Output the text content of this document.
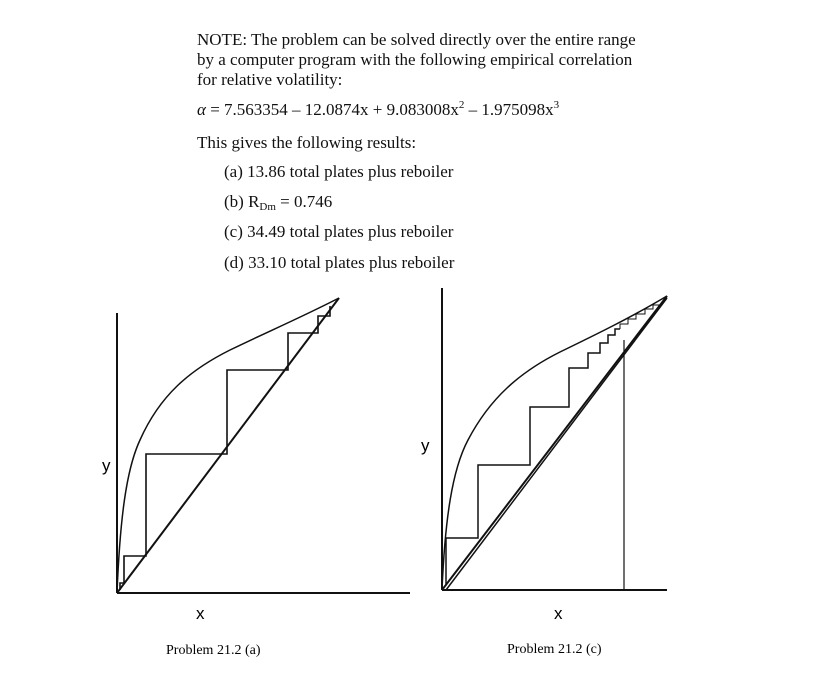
NOTE: The problem can be solved directly over the entire range
by a computer program with the following empirical correlation
for relative volatility:
$\alpha = 7.563354 - 12.0874x + 9.083008x^2 - 1.975098x^3$
This gives the following results:
(a) 13.86 total plates plus reboiler
(b) $R_{Dm} = 0.746$
(c) 34.49 total plates plus reboiler
(d) 33.10 total plates plus reboiler
y
x
Problem 21.2 (a)
y
x
Problem 21.2 (c)
